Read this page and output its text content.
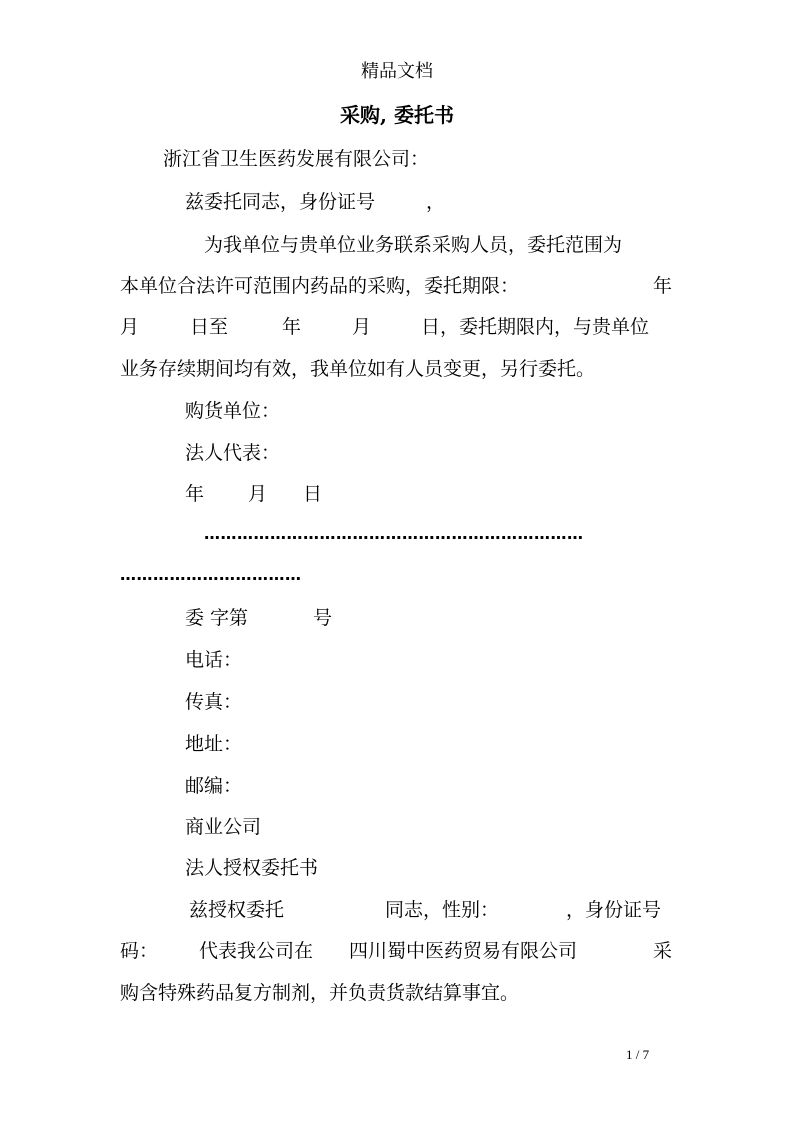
精品文档
采购, 委托书
浙江省卫生医药发展有限公司：
兹委托同志，身份证号	，
为我单位与贵单位业务联系采购人员，委托范围为
本单位合法许可范围内药品的采购，委托期限：	年
月	日至	年	月	日，委托期限内，与贵单位
业务存续期间均有效，我单位如有人员变更，另行委托。
购货单位：
法人代表：
年 月 日
……………………………………………………………
……………………………
委 字第	号
电话：
传真：
地址：
邮编：
商业公司
法人授权委托书
兹授权委托	同志，性别：	，身份证号
码： 代表我公司在 四川蜀中医药贸易有限公司	采
购含特殊药品复方制剂，并负责货款结算事宜。
1 / 7
